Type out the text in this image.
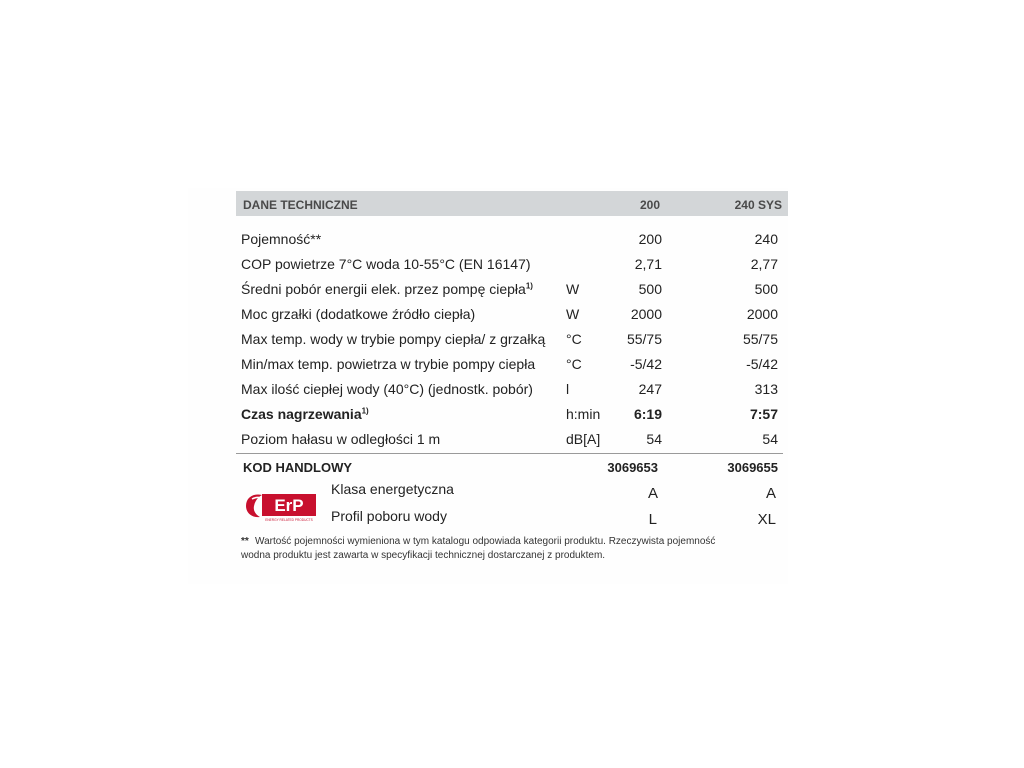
DANE TECHNICZNE	200	240 SYS
Pojemność**	200	240
COP powietrze 7°C woda 10-55°C (EN 16147)	2,71	2,77
Średni pobór energii elek. przez pompę ciepła$^{1)}$ W	500	500
Moc grzałki (dodatkowe źródło ciepła)	W	2000	2000
Max temp. wody w trybie pompy ciepła/ z grzałką °C	55/75	55/75
Min/max temp. powietrza w trybie pompy ciepła °C	-5/42	-5/42
Max ilość ciepłej wody (40°C) (jednostk. pobór) l	247	313
Czas nagrzewania$^{1)}$	h:min 6:19	7:57
Poziom hałasu w odległości 1 m	dB[A]	54	54
KOD HANDLOWY	3069653	3069655
ErP
ENERGY RELATED PRODUCTS
Klasa energetyczna	A	A
Profil poboru wody	L	XL
** Wartość pojemności wymieniona w tym katalogu odpowiada kategorii produktu. Rzeczywista pojemność
wodna produktu jest zawarta w specyfikacji technicznej dostarczanej z produktem.
